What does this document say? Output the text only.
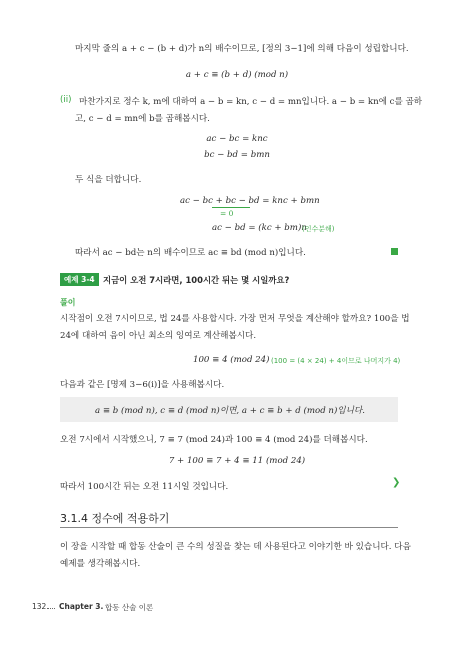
마지막 줄의 a + c − (b + d)가 n의 배수이므로, [정의 3−1]에 의해 다음이 성립합니다.
a + c ≡ (b + d) (mod n)
(ii) 마찬가지로 정수 k, m에 대하여 a − b = kn, c − d = mn입니다. a − b = kn에 c를 곱하
고, c − d = mn에 b를 곱해봅시다.
ac − bc = knc
bc − bd = bmn
두 식을 더합니다.
ac − bc + bc − bd = knc + bmn
= 0
ac − bd = (kc + bm)n
(인수분해)
따라서 ac − bd는 n의 배수이므로 ac ≡ bd (mod n)입니다.
예제 3-4 지금이 오전 7시라면, 100시간 뒤는 몇 시일까요?
풀이
시작점이 오전 7시이므로, 법 24를 사용합시다. 가장 먼저 무엇을 계산해야 할까요? 100을 법
24에 대하여 음이 아닌 최소의 잉여로 계산해봅시다.
100 ≡ 4 (mod 24) (100 = (4 × 24) + 4이므로 나머지가 4)
다음과 같은 [명제 3−6(ⅰ)]을 사용해봅시다.
a ≡ b (mod n), c ≡ d (mod n)이면, a + c ≡ b + d (mod n)입니다.
오전 7시에서 시작했으니, 7 ≡ 7 (mod 24)과 100 ≡ 4 (mod 24)를 더해봅시다.
7 + 100 ≡ 7 + 4 ≡ 11 (mod 24)
따라서 100시간 뒤는 오전 11시일 것입니다.	❯
3.1.4 정수에 적용하기
이 장을 시작할 때 합동 산술이 큰 수의 성질을 찾는 데 사용된다고 이야기한 바 있습니다. 다음
예제를 생각해봅시다.
132 Chapter 3. 합동 산술 이론
